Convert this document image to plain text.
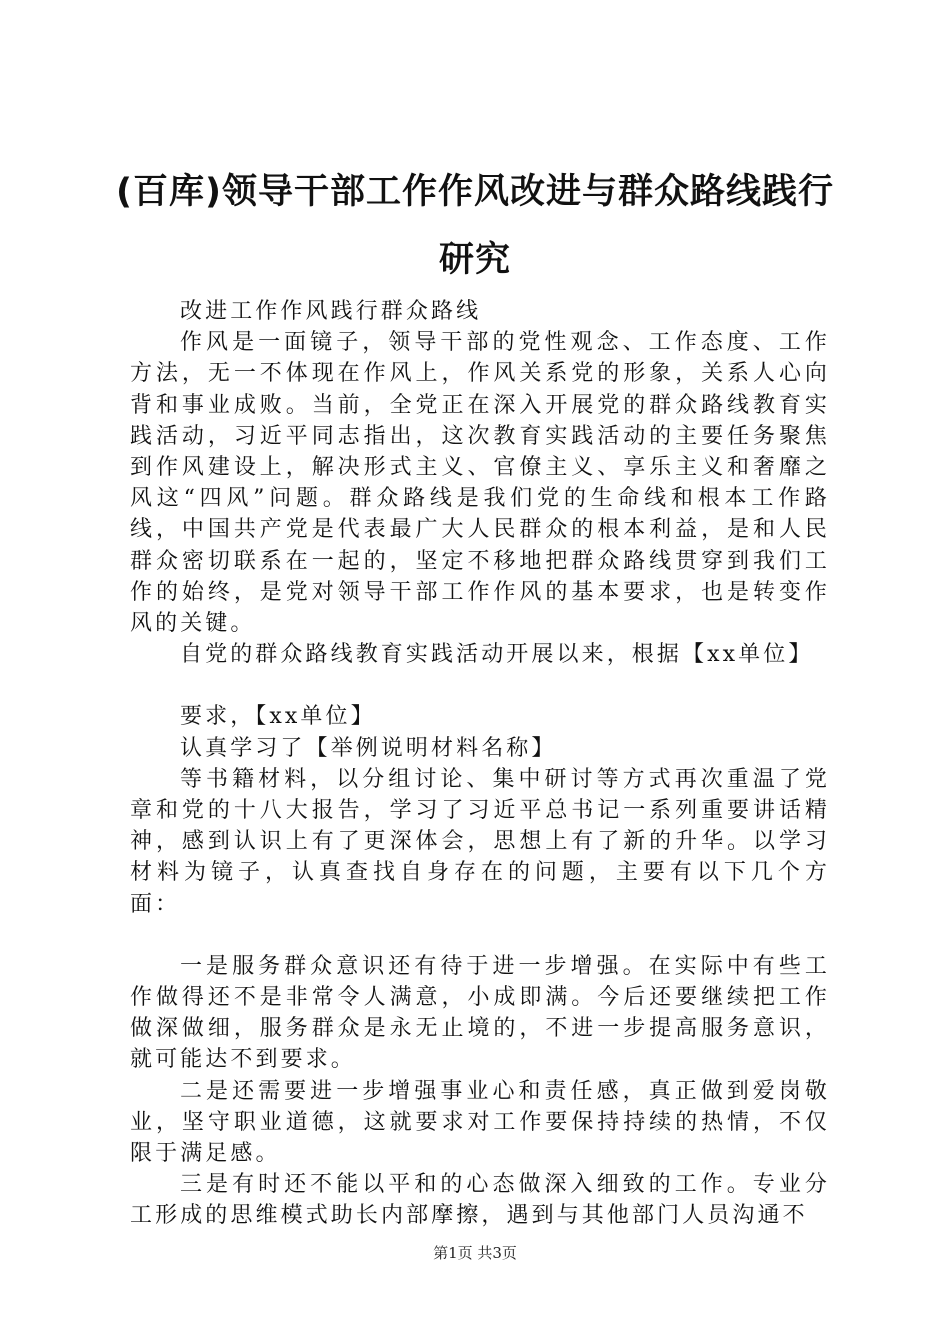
(百库)领导干部工作作风改进与群众路线践行研究

改进工作作风践行群众路线

作风是一面镜子，领导干部的党性观念、工作态度、工作方法，无一不体现在作风上，作风关系党的形象，关系人心向背和事业成败。当前，全党正在深入开展党的群众路线教育实践活动，习近平同志指出，这次教育实践活动的主要任务聚焦到作风建设上，解决形式主义、官僚主义、享乐主义和奢靡之风这“四风”问题。群众路线是我们党的生命线和根本工作路线，中国共产党是代表最广大人民群众的根本利益，是和人民群众密切联系在一起的，坚定不移地把群众路线贯穿到我们工作的始终，是党对领导干部工作作风的基本要求，也是转变作风的关键。

自党的群众路线教育实践活动开展以来，根据【xx单位】

要求，【xx单位】

认真学习了【举例说明材料名称】

等书籍材料，以分组讨论、集中研讨等方式再次重温了党章和党的十八大报告，学习了习近平总书记一系列重要讲话精神，感到认识上有了更深体会，思想上有了新的升华。以学习材料为镜子，认真查找自身存在的问题，主要有以下几个方面：

一是服务群众意识还有待于进一步增强。在实际中有些工作做得还不是非常令人满意，小成即满。今后还要继续把工作做深做细，服务群众是永无止境的，不进一步提高服务意识，就可能达不到要求。

二是还需要进一步增强事业心和责任感，真正做到爱岗敬业，坚守职业道德，这就要求对工作要保持持续的热情，不仅限于满足感。

三是有时还不能以平和的心态做深入细致的工作。专业分工形成的思维模式助长内部摩擦，遇到与其他部门人员沟通不

第1页 共3页
